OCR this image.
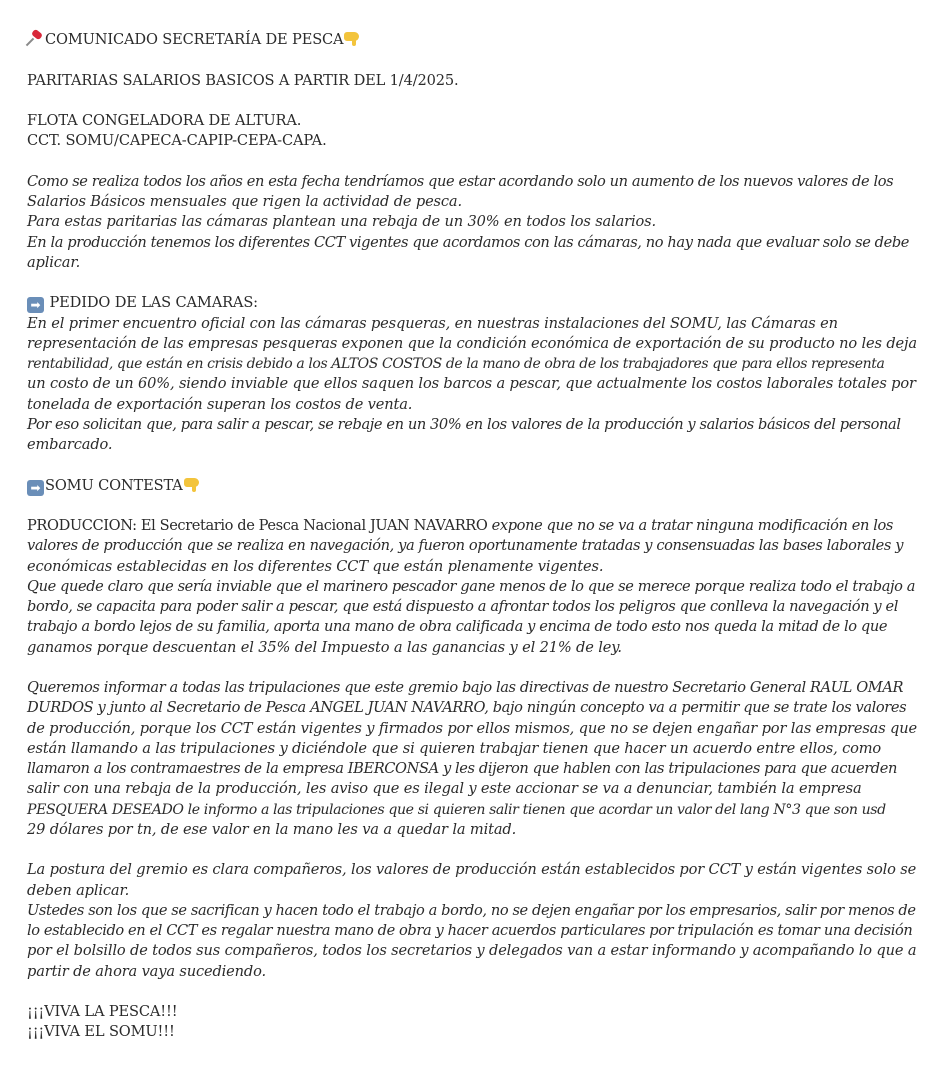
COMUNICADO SECRETARÍA DE PESCA
PARITARIAS SALARIOS BASICOS A PARTIR DEL 1/4/2025.
FLOTA CONGELADORA DE ALTURA.
CCT. SOMU/CAPECA-CAPIP-CEPA-CAPA.
Como se realiza todos los años en esta fecha tendríamos que estar acordando solo un aumento de los nuevos valores de los
Salarios Básicos mensuales que rigen la actividad de pesca.
Para estas paritarias las cámaras plantean una rebaja de un 30% en todos los salarios.
En la producción tenemos los diferentes CCT vigentes que acordamos con las cámaras, no hay nada que evaluar solo se debe
aplicar.
➡ PEDIDO DE LAS CAMARAS:
En el primer encuentro oficial con las cámaras pesqueras, en nuestras instalaciones del SOMU, las Cámaras en
representación de las empresas pesqueras exponen que la condición económica de exportación de su producto no les deja
rentabilidad, que están en crisis debido a los ALTOS COSTOS de la mano de obra de los trabajadores que para ellos representa
un costo de un 60%, siendo inviable que ellos saquen los barcos a pescar, que actualmente los costos laborales totales por
tonelada de exportación superan los costos de venta.
Por eso solicitan que, para salir a pescar, se rebaje en un 30% en los valores de la producción y salarios básicos del personal
embarcado.
➡ SOMU CONTESTA
PRODUCCION: El Secretario de Pesca Nacional JUAN NAVARRO expone que no se va a tratar ninguna modificación en los
valores de producción que se realiza en navegación, ya fueron oportunamente tratadas y consensuadas las bases laborales y
económicas establecidas en los diferentes CCT que están plenamente vigentes.
Que quede claro que sería inviable que el marinero pescador gane menos de lo que se merece porque realiza todo el trabajo a
bordo, se capacita para poder salir a pescar, que está dispuesto a afrontar todos los peligros que conlleva la navegación y el
trabajo a bordo lejos de su familia, aporta una mano de obra calificada y encima de todo esto nos queda la mitad de lo que
ganamos porque descuentan el 35% del Impuesto a las ganancias y el 21% de ley.
Queremos informar a todas las tripulaciones que este gremio bajo las directivas de nuestro Secretario General RAUL OMAR
DURDOS y junto al Secretario de Pesca ANGEL JUAN NAVARRO, bajo ningún concepto va a permitir que se trate los valores
de producción, porque los CCT están vigentes y firmados por ellos mismos, que no se dejen engañar por las empresas que
están llamando a las tripulaciones y diciéndole que si quieren trabajar tienen que hacer un acuerdo entre ellos, como
llamaron a los contramaestres de la empresa IBERCONSA y les dijeron que hablen con las tripulaciones para que acuerden
salir con una rebaja de la producción, les aviso que es ilegal y este accionar se va a denunciar, también la empresa
PESQUERA DESEADO le informo a las tripulaciones que si quieren salir tienen que acordar un valor del lang N°3 que son usd
29 dólares por tn, de ese valor en la mano les va a quedar la mitad.
La postura del gremio es clara compañeros, los valores de producción están establecidos por CCT y están vigentes solo se
deben aplicar.
Ustedes son los que se sacrifican y hacen todo el trabajo a bordo, no se dejen engañar por los empresarios, salir por menos de
lo establecido en el CCT es regalar nuestra mano de obra y hacer acuerdos particulares por tripulación es tomar una decisión
por el bolsillo de todos sus compañeros, todos los secretarios y delegados van a estar informando y acompañando lo que a
partir de ahora vaya sucediendo.
¡¡¡VIVA LA PESCA!!!
¡¡¡VIVA EL SOMU!!!
